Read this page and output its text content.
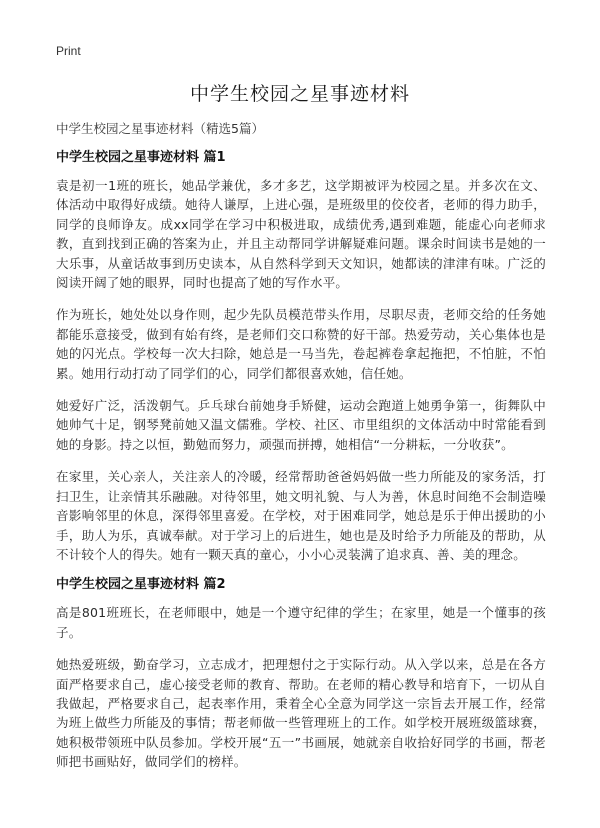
Print
中学生校园之星事迹材料

中学生校园之星事迹材料（精选5篇）

中学生校园之星事迹材料 篇1

袁是初一1班的班长，她品学兼优，多才多艺，这学期被评为校园之星。并多次在文、体活动中取得好成绩。她待人谦厚，上进心强，是班级里的佼佼者，老师的得力助手，同学的良师诤友。成xx同学在学习中积极进取，成绩优秀,遇到难题，能虚心向老师求教，直到找到正确的答案为止，并且主动帮同学讲解疑难问题。课余时间读书是她的一大乐事，从童话故事到历史读本，从自然科学到天文知识，她都读的津津有味。广泛的阅读开阔了她的眼界，同时也提高了她的写作水平。

作为班长，她处处以身作则，起少先队员模范带头作用，尽职尽责，老师交给的任务她都能乐意接受，做到有始有终，是老师们交口称赞的好干部。热爱劳动，关心集体也是她的闪光点。学校每一次大扫除，她总是一马当先，卷起裤卷拿起拖把，不怕脏，不怕累。她用行动打动了同学们的心，同学们都很喜欢她，信任她。

她爱好广泛，活泼朝气。乒乓球台前她身手矫健，运动会跑道上她勇争第一，街舞队中她帅气十足，钢琴凳前她又温文儒雅。学校、社区、市里组织的文体活动中时常能看到她的身影。持之以恒，勤勉而努力，顽强而拼搏，她相信“一分耕耘，一分收获”。

在家里，关心亲人，关注亲人的冷暖，经常帮助爸爸妈妈做一些力所能及的家务活，打扫卫生，让亲情其乐融融。对待邻里，她文明礼貌、与人为善，休息时间绝不会制造噪音影响邻里的休息，深得邻里喜爱。在学校，对于困难同学，她总是乐于伸出援助的小手，助人为乐，真诚奉献。对于学习上的后进生，她也是及时给予力所能及的帮助，从不计较个人的得失。她有一颗天真的童心，小小心灵装满了追求真、善、美的理念。

中学生校园之星事迹材料 篇2

高是801班班长，在老师眼中，她是一个遵守纪律的学生；在家里，她是一个懂事的孩子。

她热爱班级，勤奋学习，立志成才，把理想付之于实际行动。从入学以来，总是在各方面严格要求自己，虚心接受老师的教育、帮助。在老师的精心教导和培育下，一切从自我做起，严格要求自己，起表率作用，秉着全心全意为同学这一宗旨去开展工作，经常为班上做些力所能及的事情；帮老师做一些管理班上的工作。如学校开展班级篮球赛，她积极带领班中队员参加。学校开展“五一”书画展，她就亲自收拾好同学的书画，帮老师把书画贴好，做同学们的榜样。
